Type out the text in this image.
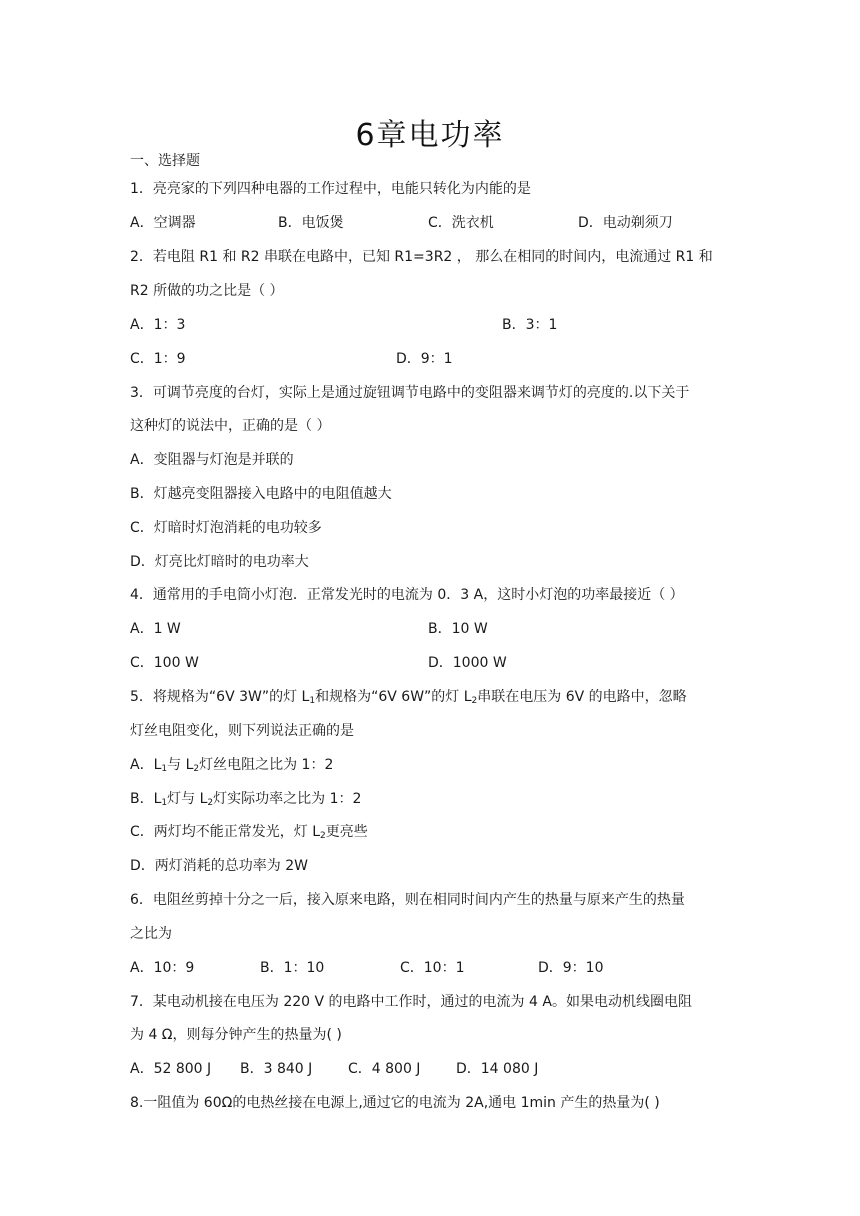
6章电功率
一、选择题
1．亮亮家的下列四种电器的工作过程中，电能只转化为内能的是
A．空调器	B．电饭煲	C．洗衣机	D．电动剃须刀
2．若电阻 R1 和 R2 串联在电路中，已知 R1=3R2 ， 那么在相同的时间内，电流通过 R1 和
R2 所做的功之比是（ ）
A．1：3	B．3：1
C．1：9	D．9：1
3．可调节亮度的台灯，实际上是通过旋钮调节电路中的变阻器来调节灯的亮度的.以下关于
这种灯的说法中，正确的是（ ）
A．变阻器与灯泡是并联的
B．灯越亮变阻器接入电路中的电阻值越大
C．灯暗时灯泡消耗的电功较多
D．灯亮比灯暗时的电功率大
4．通常用的手电筒小灯泡．正常发光时的电流为 0．3 A，这时小灯泡的功率最接近（ ）
A．1 W	B．10 W
C．100 W	D．1000 W
5．将规格为“6V 3W”的灯 $L_1$和规格为“6V 6W”的灯 $L_2$串联在电压为 6V 的电路中，忽略
灯丝电阻变化，则下列说法正确的是
A．$L_1$与 $L_2$灯丝电阻之比为 1：2
B．$L_1$灯与 $L_2$灯实际功率之比为 1：2
C．两灯均不能正常发光，灯 $L_2$更亮些
D．两灯消耗的总功率为 2W
6．电阻丝剪掉十分之一后，接入原来电路，则在相同时间内产生的热量与原来产生的热量
之比为
A．10：9	B．1：10	C．10：1	D．9：10
7．某电动机接在电压为 220 V 的电路中工作时，通过的电流为 4 A。如果电动机线圈电阻
为 4 Ω，则每分钟产生的热量为( )
A．52 800 J B．3 840 J	C．4 800 J	D．14 080 J
8.一阻值为 60Ω的电热丝接在电源上,通过它的电流为 2A,通电 1min 产生的热量为( )
